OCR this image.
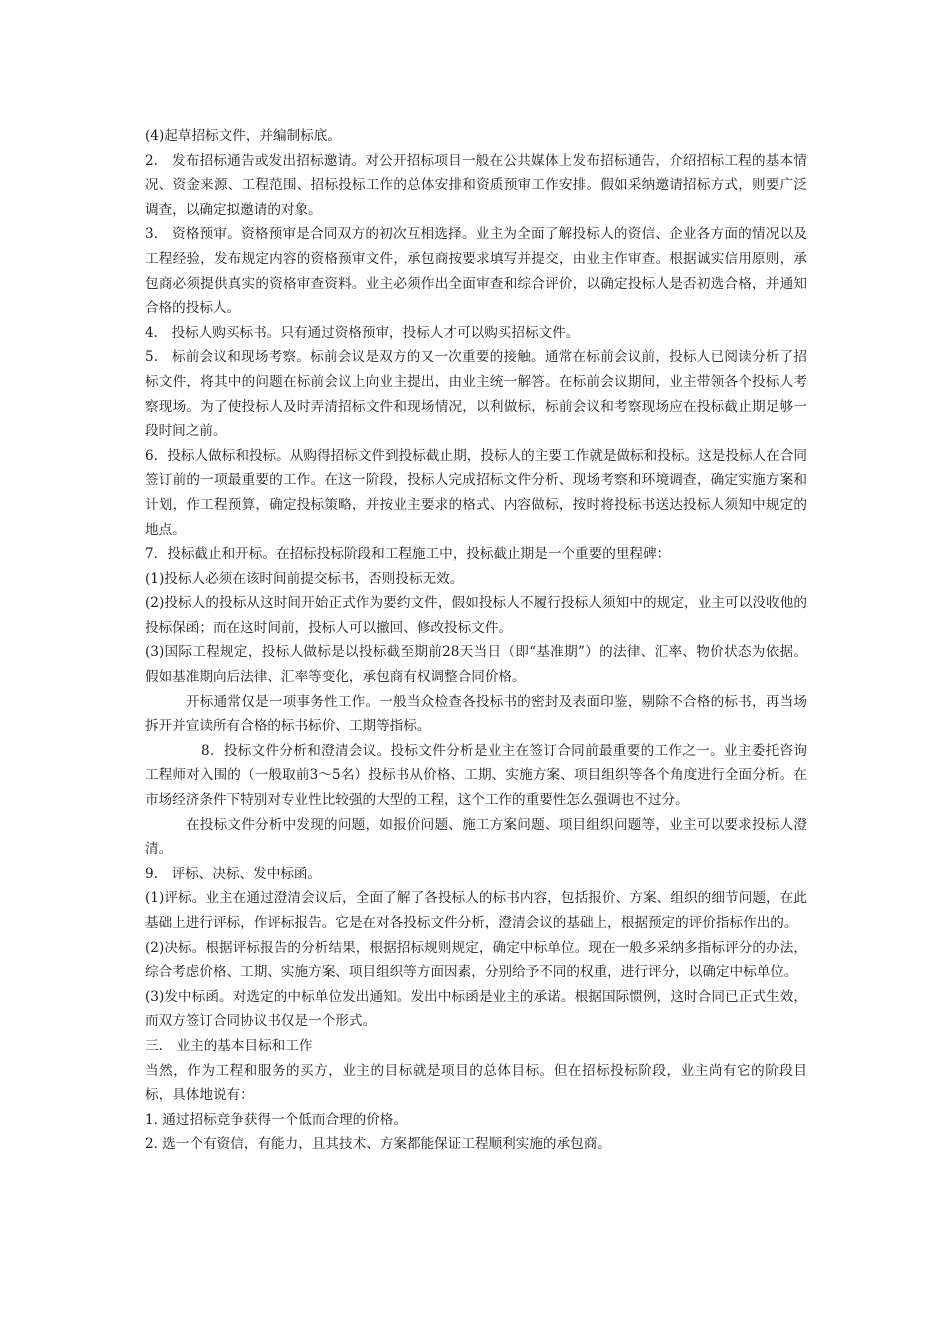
(4)起草招标文件，并编制标底。

2.　发布招标通告或发出招标邀请。对公开招标项目一般在公共媒体上发布招标通告，介绍招标工程的基本情况、资金来源、工程范围、招标投标工作的总体安排和资质预审工作安排。假如采纳邀请招标方式，则要广泛调查，以确定拟邀请的对象。

3.　资格预审。资格预审是合同双方的初次互相选择。业主为全面了解投标人的资信、企业各方面的情况以及工程经验，发布规定内容的资格预审文件，承包商按要求填写并提交，由业主作审查。根据诚实信用原则，承包商必须提供真实的资格审查资料。业主必须作出全面审查和综合评价，以确定投标人是否初选合格，并通知合格的投标人。

4.　投标人购买标书。只有通过资格预审，投标人才可以购买招标文件。

5.　标前会议和现场考察。标前会议是双方的又一次重要的接触。通常在标前会议前，投标人已阅读分析了招标文件，将其中的问题在标前会议上向业主提出，由业主统一解答。在标前会议期间，业主带领各个投标人考察现场。为了使投标人及时弄清招标文件和现场情况，以利做标，标前会议和考察现场应在投标截止期足够一段时间之前。

6．投标人做标和投标。从购得招标文件到投标截止期，投标人的主要工作就是做标和投标。这是投标人在合同签订前的一项最重要的工作。在这一阶段，投标人完成招标文件分析、现场考察和环境调查，确定实施方案和计划，作工程预算，确定投标策略，并按业主要求的格式、内容做标，按时将投标书送达投标人须知中规定的地点。

7．投标截止和开标。在招标投标阶段和工程施工中，投标截止期是一个重要的里程碑：

(1)投标人必须在该时间前提交标书，否则投标无效。

(2)投标人的投标从这时间开始正式作为要约文件，假如投标人不履行投标人须知中的规定，业主可以没收他的投标保函；而在这时间前，投标人可以撤回、修改投标文件。

(3)国际工程规定，投标人做标是以投标截至期前28天当日（即“基准期”）的法律、汇率、物价状态为依据。假如基准期向后法律、汇率等变化，承包商有权调整合同价格。

开标通常仅是一项事务性工作。一般当众检查各投标书的密封及表面印鉴，剔除不合格的标书，再当场拆开并宣读所有合格的标书标价、工期等指标。

8．投标文件分析和澄清会议。投标文件分析是业主在签订合同前最重要的工作之一。业主委托咨询工程师对入围的（一般取前3～5名）投标书从价格、工期、实施方案、项目组织等各个角度进行全面分析。在市场经济条件下特别对专业性比较强的大型的工程，这个工作的重要性怎么强调也不过分。

在投标文件分析中发现的问题，如报价问题、施工方案问题、项目组织问题等，业主可以要求投标人澄清。

9.　评标、决标、发中标函。

(1)评标。业主在通过澄清会议后，全面了解了各投标人的标书内容，包括报价、方案、组织的细节问题，在此基础上进行评标，作评标报告。它是在对各投标文件分析，澄清会议的基础上，根据预定的评价指标作出的。

(2)决标。根据评标报告的分析结果，根据招标规则规定，确定中标单位。现在一般多采纳多指标评分的办法，综合考虑价格、工期、实施方案、项目组织等方面因素，分别给予不同的权重，进行评分，以确定中标单位。

(3)发中标函。对选定的中标单位发出通知。发出中标函是业主的承诺。根据国际惯例，这时合同已正式生效，而双方签订合同协议书仅是一个形式。

三.　业主的基本目标和工作

当然，作为工程和服务的买方，业主的目标就是项目的总体目标。但在招标投标阶段，业主尚有它的阶段目标，具体地说有：

1. 通过招标竞争获得一个低而合理的价格。

2. 选一个有资信，有能力，且其技术、方案都能保证工程顺利实施的承包商。
